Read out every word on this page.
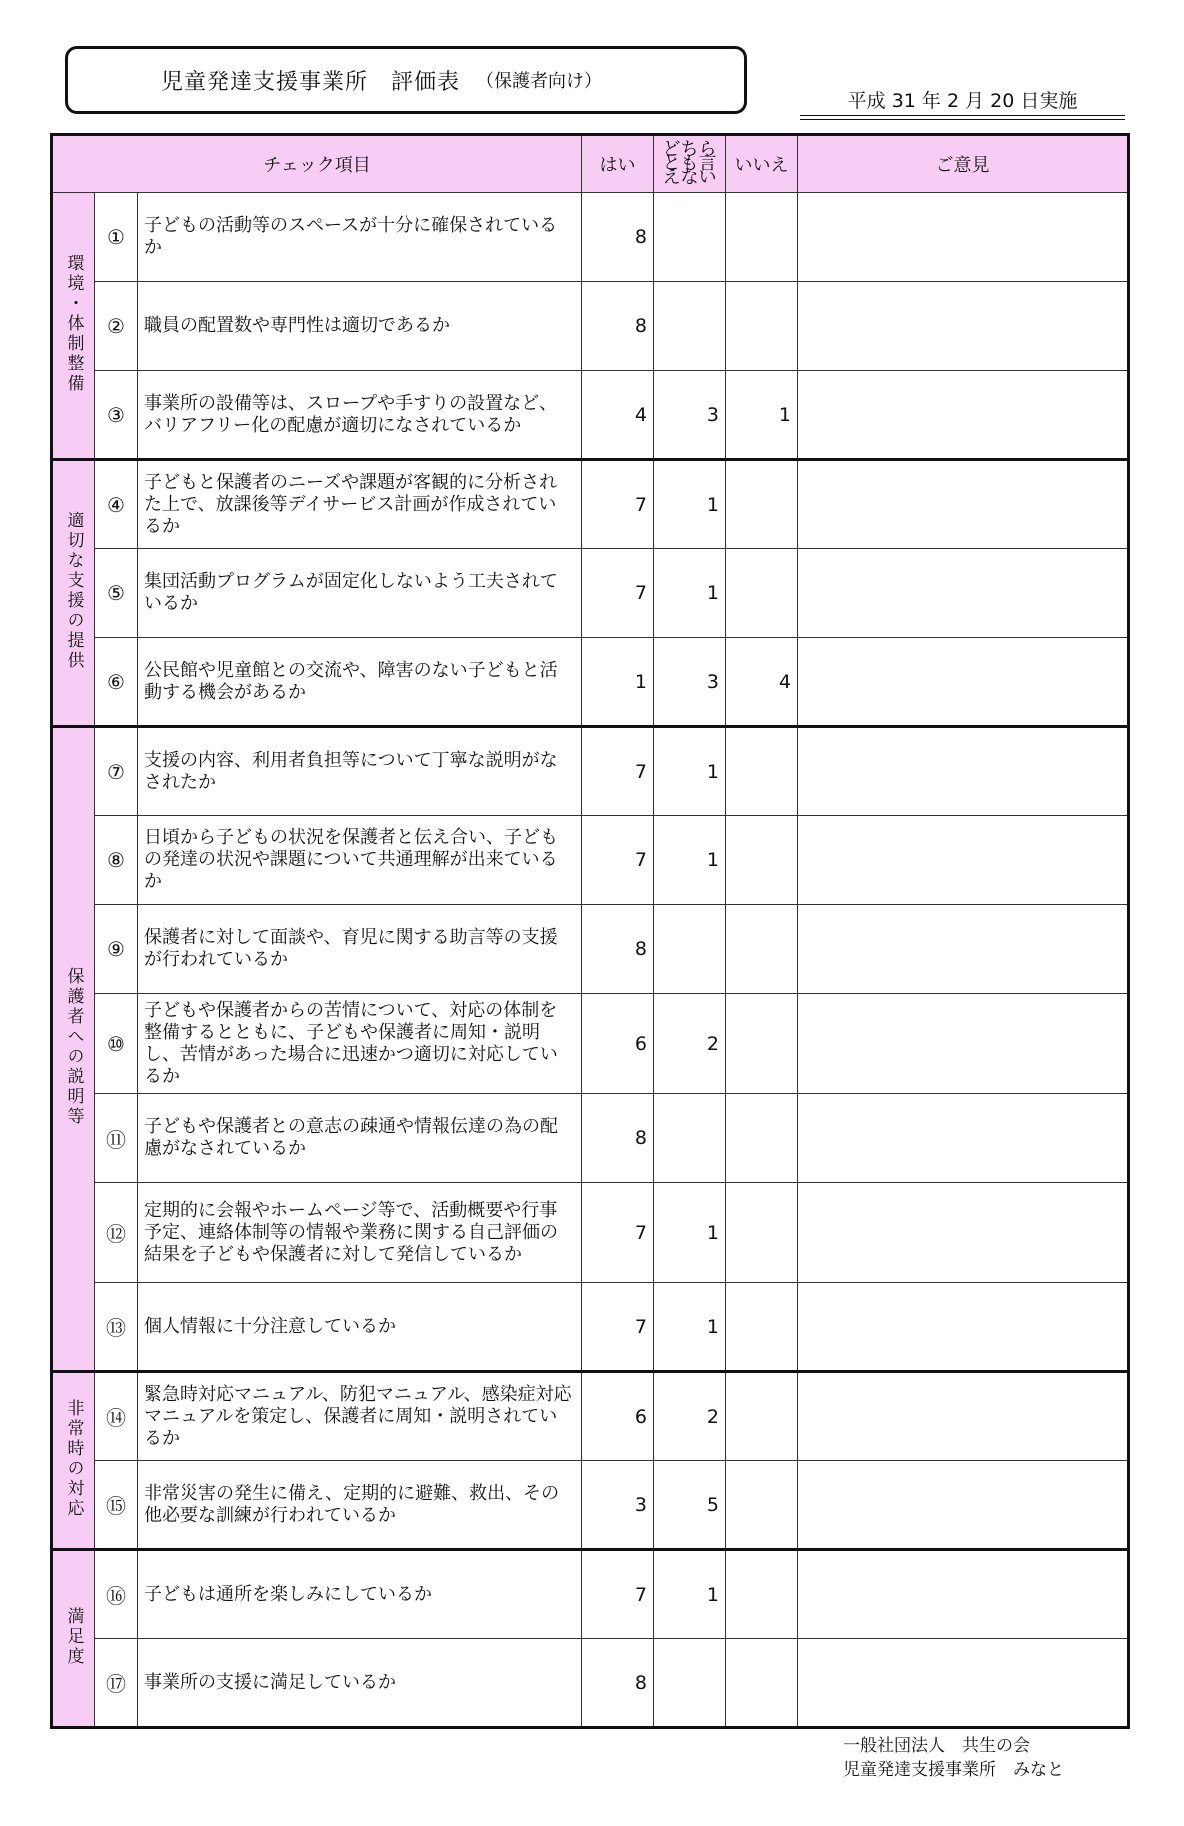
児童発達支援事業所　評価表 （保護者向け）
平成 31 年 2 月 20 日実施
チェック項目			はい	どちらとも言えない	いいえ	ご意見
環境・体制整備	①	子どもの活動等のスペースが十分に確保されているか	8			
	②	職員の配置数や専門性は適切であるか	8			
	③	事業所の設備等は、スロープや手すりの設置など、バリアフリー化の配慮が適切になされているか	4	3	1	
適切な支援の提供	④	子どもと保護者のニーズや課題が客観的に分析された上で、放課後等デイサービス計画が作成されているか	7	1		
	⑤	集団活動プログラムが固定化しないよう工夫されているか	7	1		
	⑥	公民館や児童館との交流や、障害のない子どもと活動する機会があるか	1	3	4	
保護者への説明等	⑦	支援の内容、利用者負担等について丁寧な説明がなされたか	7	1		
	⑧	日頃から子どもの状況を保護者と伝え合い、子どもの発達の状況や課題について共通理解が出来ているか	7	1		
	⑨	保護者に対して面談や、育児に関する助言等の支援が行われているか	8			
	⑩	子どもや保護者からの苦情について、対応の体制を整備するとともに、子どもや保護者に周知・説明し、苦情があった場合に迅速かつ適切に対応しているか	6	2		
	⑪	子どもや保護者との意志の疎通や情報伝達の為の配慮がなされているか	8			
	⑫	定期的に会報やホームページ等で、活動概要や行事予定、連絡体制等の情報や業務に関する自己評価の結果を子どもや保護者に対して発信しているか	7	1		
	⑬	個人情報に十分注意しているか	7	1		
非常時の対応	⑭	緊急時対応マニュアル、防犯マニュアル、感染症対応マニュアルを策定し、保護者に周知・説明されているか	6	2		
	⑮	非常災害の発生に備え、定期的に避難、救出、その他必要な訓練が行われているか	3	5		
満足度	⑯	子どもは通所を楽しみにしているか	7	1		
	⑰	事業所の支援に満足しているか	8			
一般社団法人　共生の会
児童発達支援事業所　みなと
